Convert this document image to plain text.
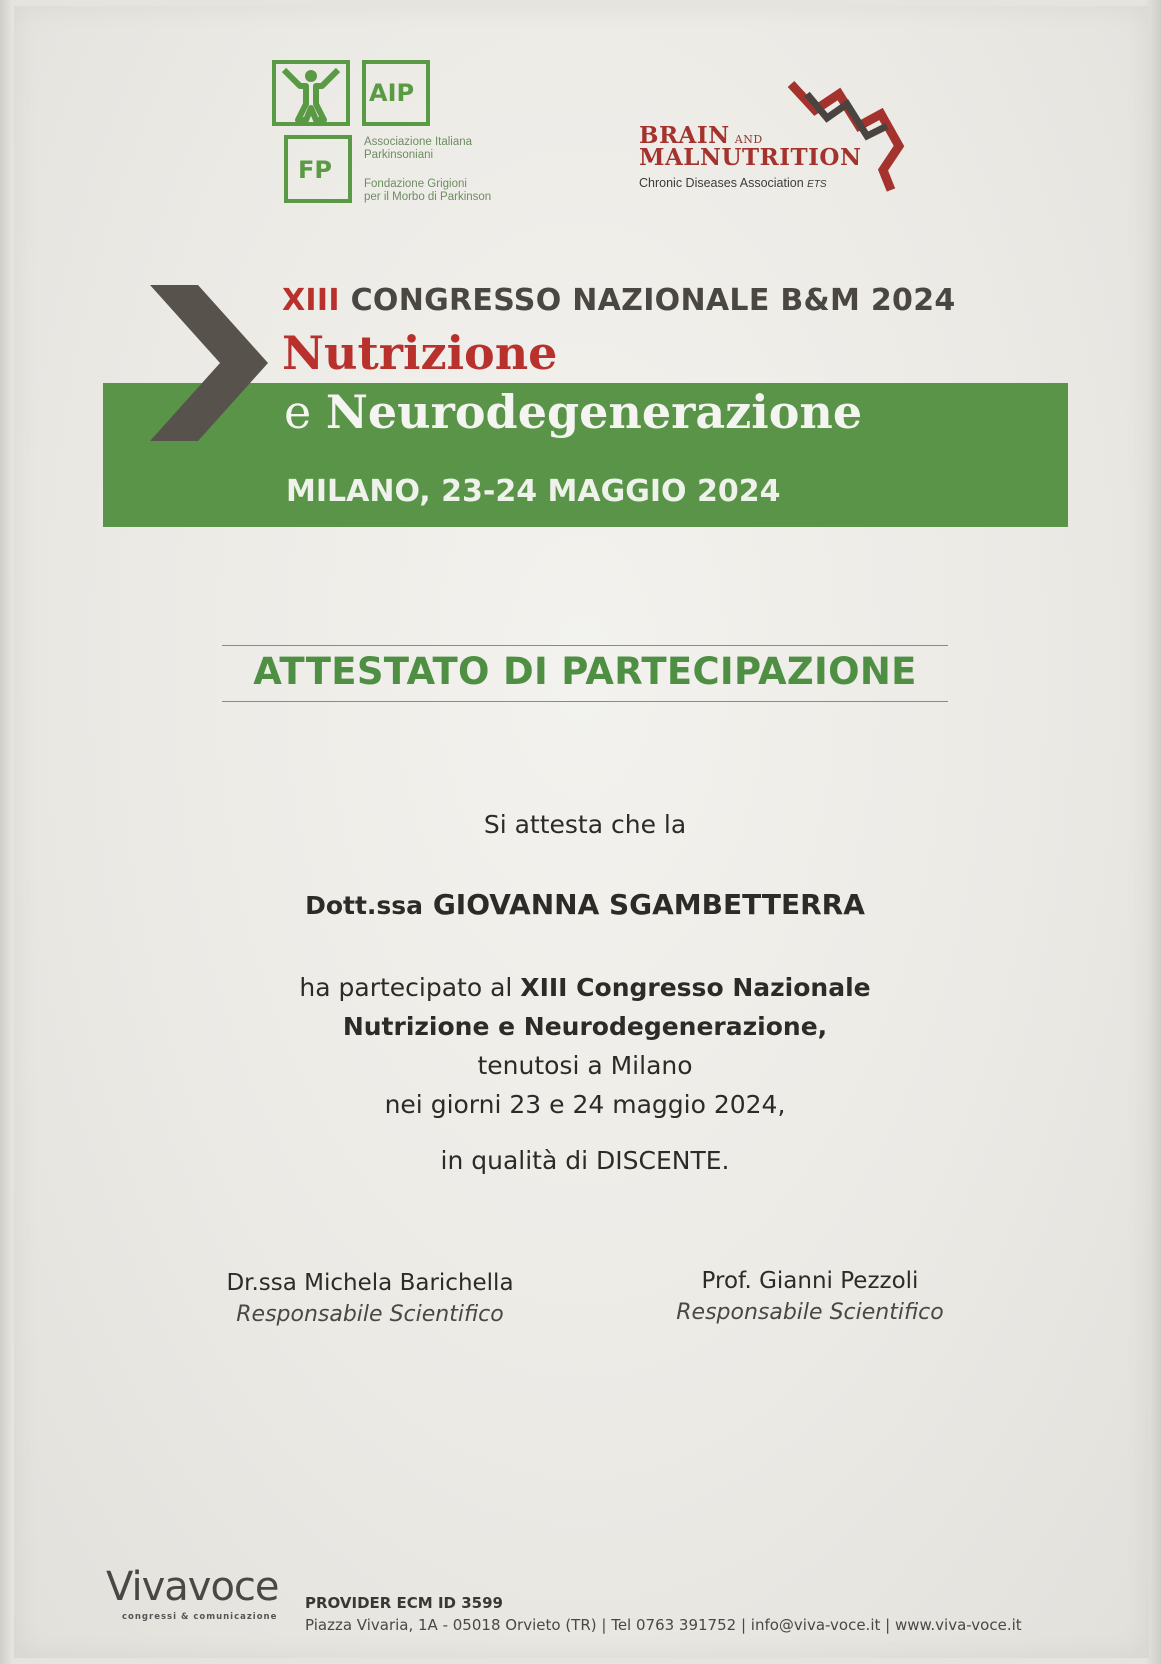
AIP
FP
Associazione Italiana
Parkinsoniani
Fondazione Grigioni
per il Morbo di Parkinson
BRAIN AND
MALNUTRITION
Chronic Diseases Association ETS
XIII CONGRESSO NAZIONALE B&M 2024
Nutrizione
e Neurodegenerazione
MILANO, 23-24 MAGGIO 2024
ATTESTATO DI PARTECIPAZIONE
Si attesta che la
Dott.ssa GIOVANNA SGAMBETTERRA
ha partecipato al XIII Congresso Nazionale
Nutrizione e Neurodegenerazione,
tenutosi a Milano
nei giorni 23 e 24 maggio 2024,
in qualità di DISCENTE.
Dr.ssa Michela Barichella
Responsabile Scientifico
Prof. Gianni Pezzoli
Responsabile Scientifico
Vivavoce
congressi & comunicazione
PROVIDER ECM ID 3599
Piazza Vivaria, 1A - 05018 Orvieto (TR) | Tel 0763 391752 | info@viva-voce.it | www.viva-voce.it
